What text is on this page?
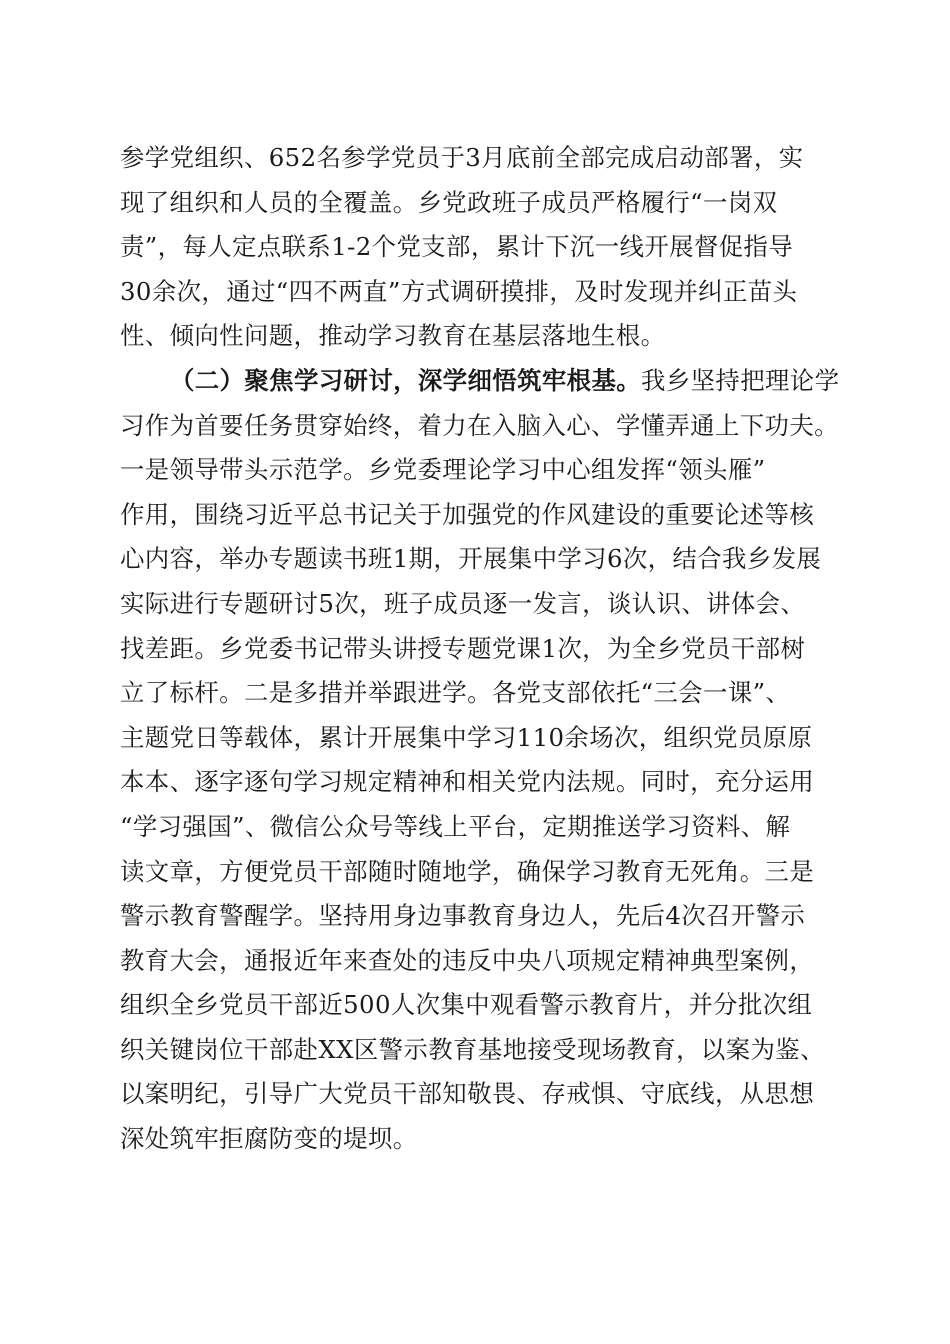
参学党组织、652名参学党员于3月底前全部完成启动部署，实
现了组织和人员的全覆盖。乡党政班子成员严格履行“一岗双
责”，每人定点联系1-2个党支部，累计下沉一线开展督促指导
30余次，通过“四不两直”方式调研摸排，及时发现并纠正苗头
性、倾向性问题，推动学习教育在基层落地生根。
（二）聚焦学习研讨，深学细悟筑牢根基。我乡坚持把理论学
习作为首要任务贯穿始终，着力在入脑入心、学懂弄通上下功夫。
一是领导带头示范学。乡党委理论学习中心组发挥“领头雁”
作用，围绕习近平总书记关于加强党的作风建设的重要论述等核
心内容，举办专题读书班1期，开展集中学习6次，结合我乡发展
实际进行专题研讨5次，班子成员逐一发言，谈认识、讲体会、
找差距。乡党委书记带头讲授专题党课1次，为全乡党员干部树
立了标杆。二是多措并举跟进学。各党支部依托“三会一课”、
主题党日等载体，累计开展集中学习110余场次，组织党员原原
本本、逐字逐句学习规定精神和相关党内法规。同时，充分运用
“学习强国”、微信公众号等线上平台，定期推送学习资料、解
读文章，方便党员干部随时随地学，确保学习教育无死角。三是
警示教育警醒学。坚持用身边事教育身边人，先后4次召开警示
教育大会，通报近年来查处的违反中央八项规定精神典型案例，
组织全乡党员干部近500人次集中观看警示教育片，并分批次组
织关键岗位干部赴XX区警示教育基地接受现场教育，以案为鉴、
以案明纪，引导广大党员干部知敬畏、存戒惧、守底线，从思想
深处筑牢拒腐防变的堤坝。
